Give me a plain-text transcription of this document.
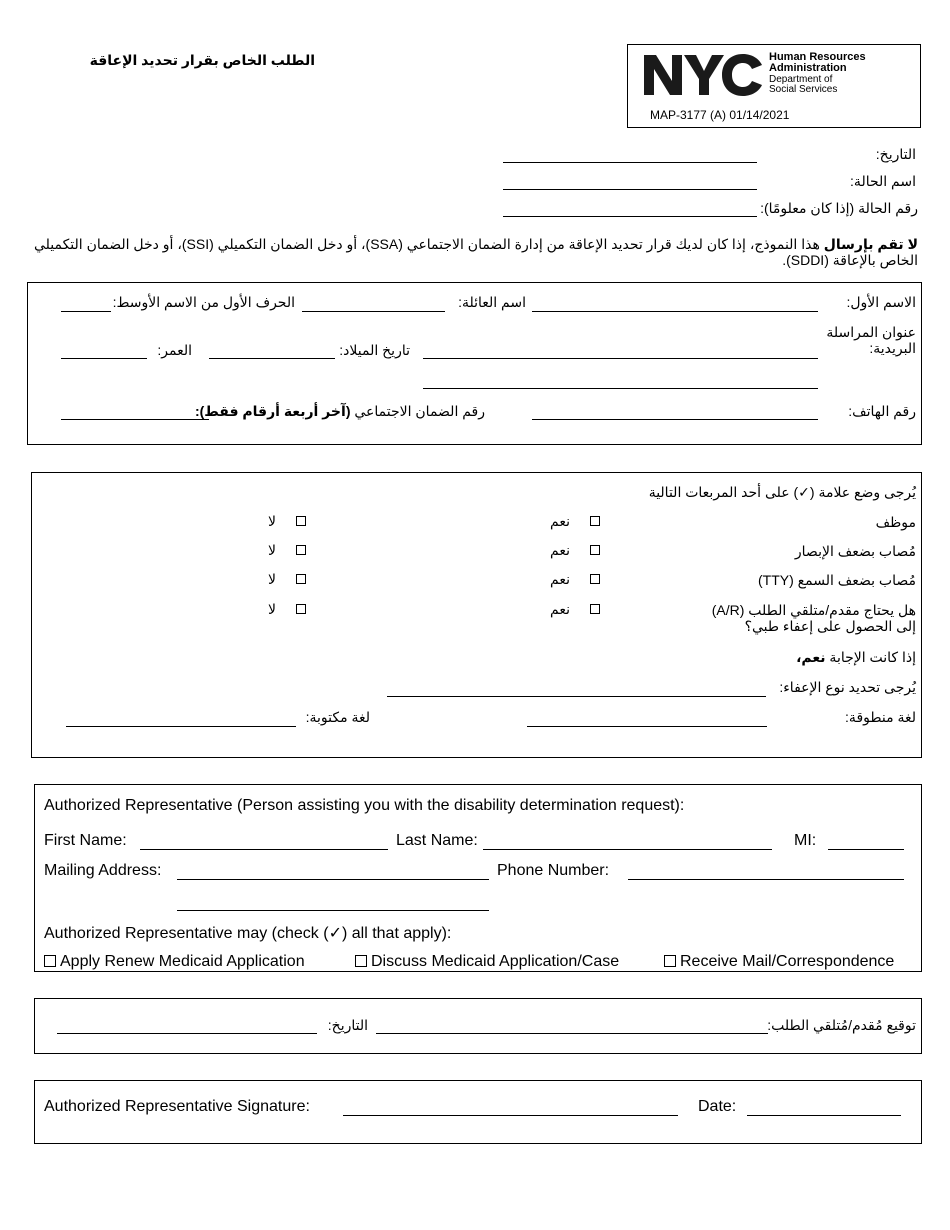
الطلب الخاص بقرار تحديد الإعاقة	Human Resources
Administration
Department of
Social Services
MAP-3177 (A) 01/14/2021
التاريخ:
اسم الحالة:
رقم الحالة (إذا كان معلومًا):
لا تقم بإرسال هذا النموذج، إذا كان لديك قرار تحديد الإعاقة من إدارة الضمان الاجتماعي (SSA)، أو دخل الضمان التكميلي (SSI)، أو دخل الضمان التكميلي
الخاص بالإعاقة (SDDI).
الاسم الأول:
اسم العائلة:
الحرف الأول من الاسم الأوسط:
عنوان المراسلة
البريدية:
تاريخ الميلاد:
العمر:
رقم الهاتف:
رقم الضمان الاجتماعي (آخر أربعة أرقام فقط):
يُرجى وضع علامة (✓) على أحد المربعات التالية
موظف
نعم
لا
مُصاب بضعف الإبصار
نعم
لا
مُصاب بضعف السمع (TTY)
نعم
لا
هل يحتاج مقدم/متلقي الطلب (A/R)
إلى الحصول على إعفاء طبي؟
نعم
لا
إذا كانت الإجابة نعم،
يُرجى تحديد نوع الإعفاء:
لغة منطوقة:
لغة مكتوبة:
Authorized Representative (Person assisting you with the disability determination request):
First Name:	Last Name:	MI:
Mailing Address:	Phone Number:
Authorized Representative may (check (✓) all that apply):
Apply Renew Medicaid Application	Discuss Medicaid Application/Case	Receive Mail/Correspondence
توقيع مُقدم/مُتلقي الطلب:
التاريخ:
Authorized Representative Signature:	Date:
